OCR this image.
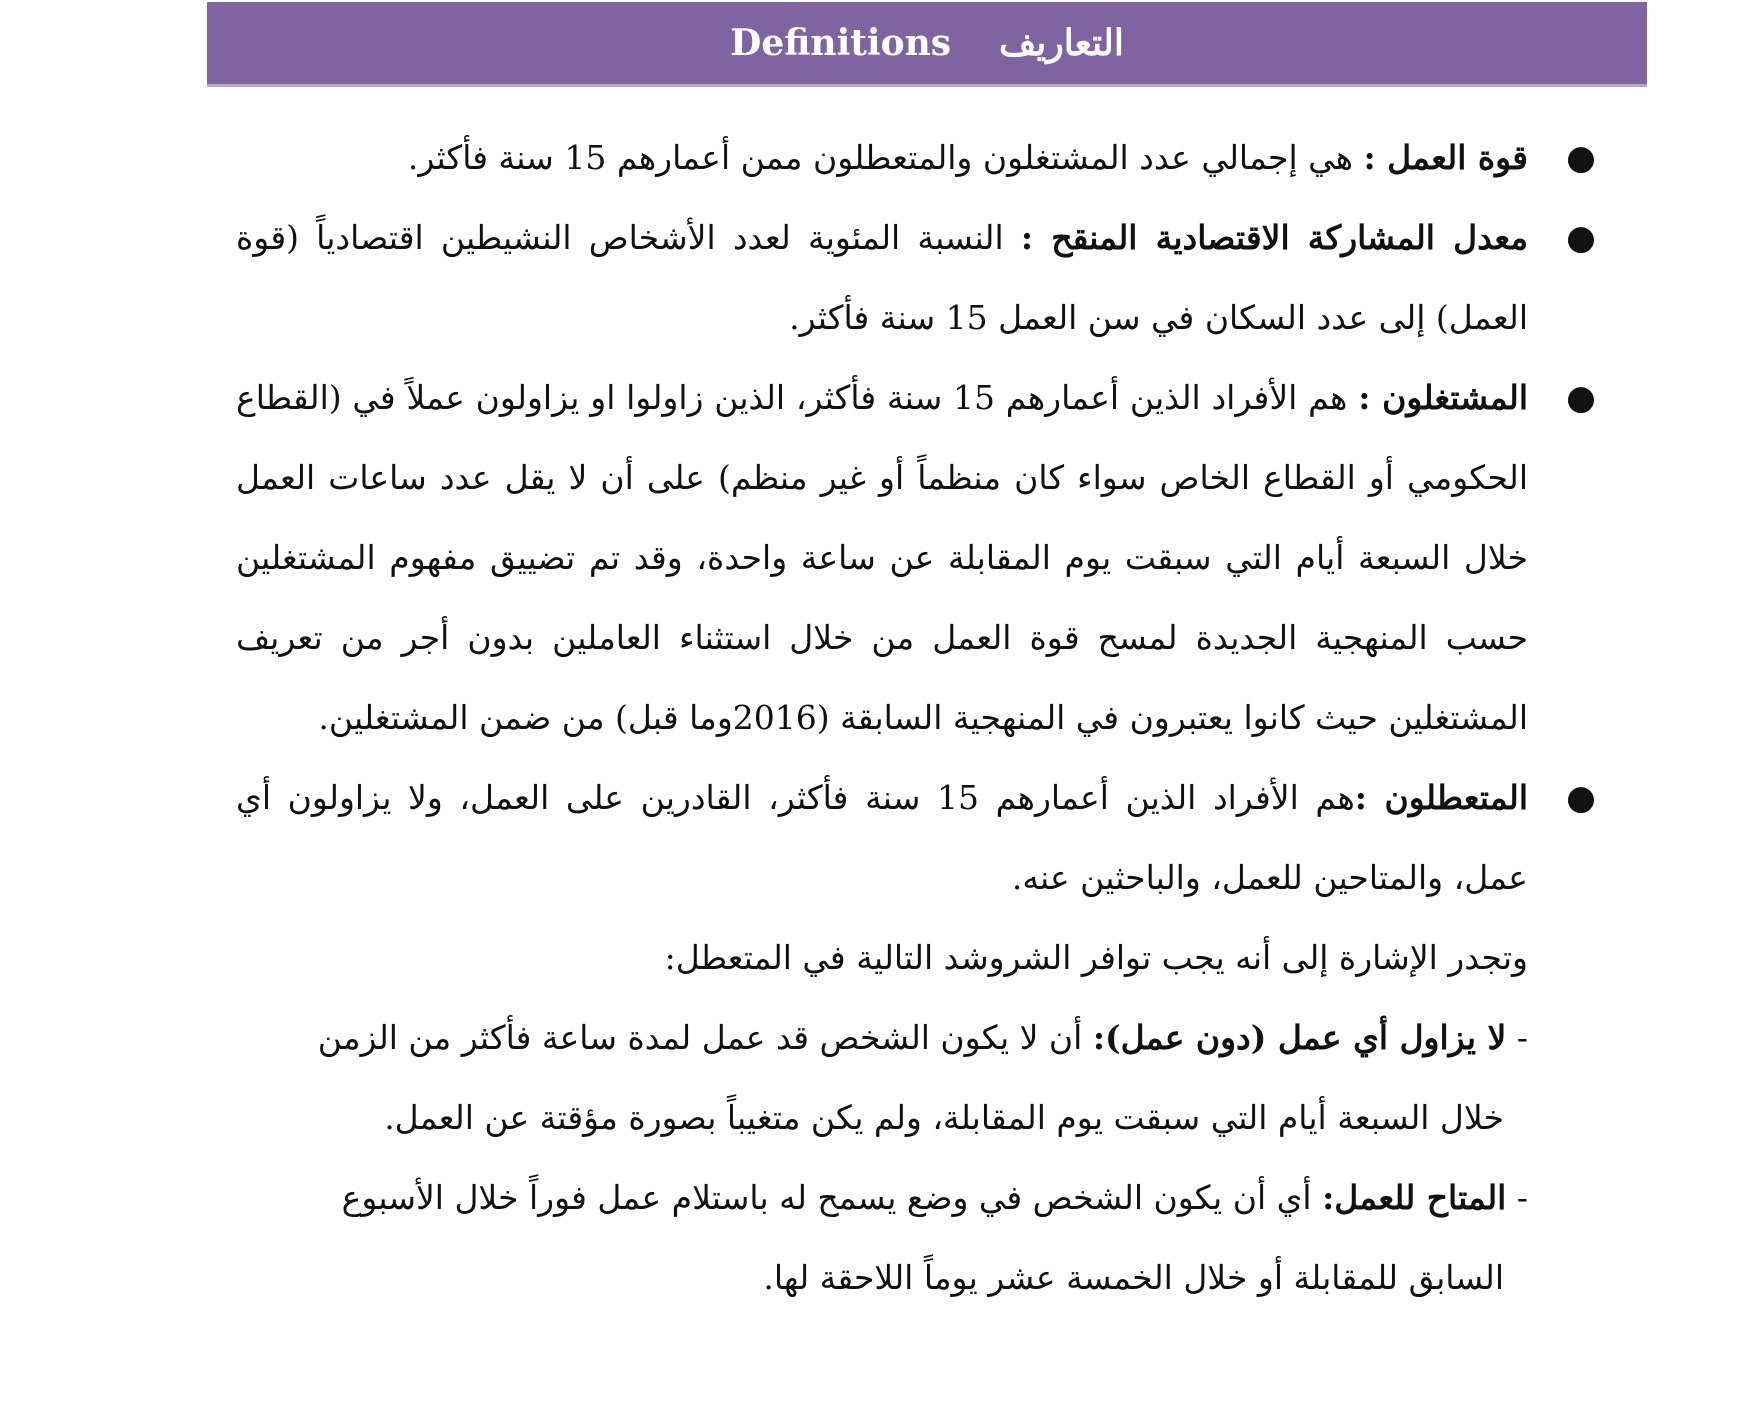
Definitions التعاريف

●
قوة العمل : هي إجمالي عدد المشتغلون والمتعطلون ممن أعمارهم 15 سنة فأكثر.

●
معدل المشاركة الاقتصادية المنقح : النسبة المئوية لعدد الأشخاص النشيطين اقتصادياً (قوة العمل) إلى عدد السكان في سن العمل 15 سنة فأكثر.

●
المشتغلون : هم الأفراد الذين أعمارهم 15 سنة فأكثر، الذين زاولوا او يزاولون عملاً في (القطاع الحكومي أو القطاع الخاص سواء كان منظماً أو غير منظم) على أن لا يقل عدد ساعات العمل خلال السبعة أيام التي سبقت يوم المقابلة عن ساعة واحدة، وقد تم تضييق مفهوم المشتغلين حسب المنهجية الجديدة لمسح قوة العمل من خلال استثناء العاملين بدون أجر من تعريف المشتغلين حيث كانوا يعتبرون في المنهجية السابقة (2016وما قبل) من ضمن المشتغلين.

●
المتعطلون :هم الأفراد الذين أعمارهم 15 سنة فأكثر، القادرين على العمل، ولا يزاولون أي عمل، والمتاحين للعمل، والباحثين عنه.

وتجدر الإشارة إلى أنه يجب توافر الشروشد التالية في المتعطل:

- لا يزاول أي عمل (دون عمل): أن لا يكون الشخص قد عمل لمدة ساعة فأكثر من الزمن
خلال السبعة أيام التي سبقت يوم المقابلة، ولم يكن متغيباً بصورة مؤقتة عن العمل.

- المتاح للعمل: أي أن يكون الشخص في وضع يسمح له باستلام عمل فوراً خلال الأسبوع
السابق للمقابلة أو خلال الخمسة عشر يوماً اللاحقة لها.
